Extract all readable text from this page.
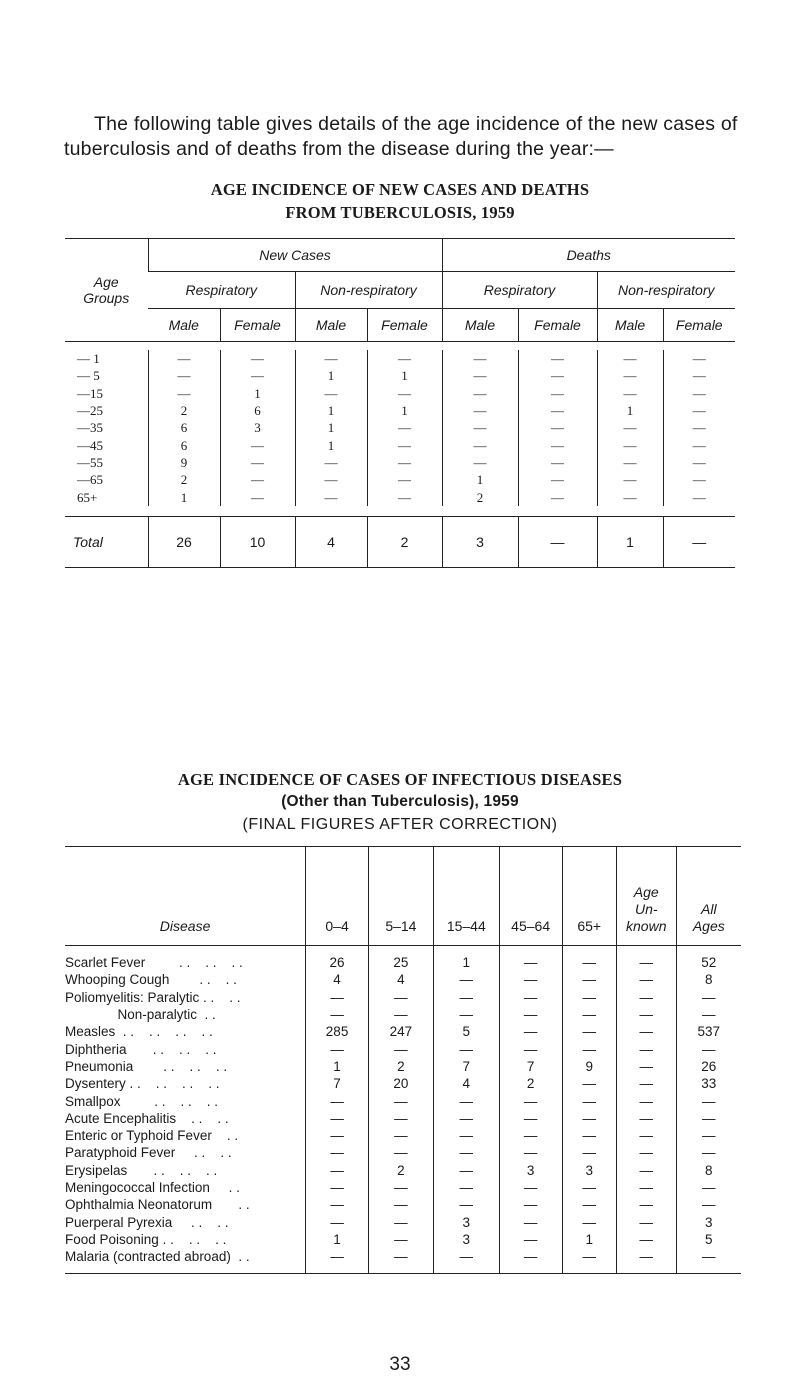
The following table gives details of the age incidence of the new cases of tuberculosis and of deaths from the disease during the year:—

AGE INCIDENCE OF NEW CASES AND DEATHS
FROM TUBERCULOSIS, 1959
Age
Groups	New Cases				Deaths			
	Respiratory		Non-respiratory		Respiratory		Non-respiratory	
	Male	Female	Male	Female	Male	Female	Male	Female

— 1	—	—	—	—	—	—	—	—
— 5	—	—	1	1	—	—	—	—
—15	—	1	—	—	—	—	—	—
—25	2	6	1	1	—	—	1	—
—35	6	3	1	—	—	—	—	—
—45	6	—	1	—	—	—	—	—
—55	9	—	—	—	—	—	—	—
—65	2	—	—	—	1	—	—	—
65+	1	—	—	—	2	—	—	—

Total	26	10	4	2	3	—	1	—
AGE INCIDENCE OF CASES OF INFECTIOUS DISEASES
(Other than Tuberculosis), 1959
(FINAL FIGURES AFTER CORRECTION)
Disease	0–4	5–14	15–44	45–64	65+	Age
Un-
known	All
Ages

Scarlet Fever         . .    . .    . .	26	25	1	—	—	—	52
Whooping Cough        . .    . .	4	4	—	—	—	—	8
Poliomyelitis: Paralytic . .    . .	—	—	—	—	—	—	—
Non-paralytic  . .	—	—	—	—	—	—	—
Measles  . .    . .    . .    . .	285	247	5	—	—	—	537
Diphtheria       . .    . .    . .	—	—	—	—	—	—	—
Pneumonia        . .    . .    . .	1	2	7	7	9	—	26
Dysentery . .    . .    . .    . .	7	20	4	2	—	—	33
Smallpox         . .    . .    . .	—	—	—	—	—	—	—
Acute Encephalitis    . .    . .	—	—	—	—	—	—	—
Enteric or Typhoid Fever    . .	—	—	—	—	—	—	—
Paratyphoid Fever     . .    . .	—	—	—	—	—	—	—
Erysipelas       . .    . .    . .	—	2	—	3	3	—	8
Meningococcal Infection     . .	—	—	—	—	—	—	—
Ophthalmia Neonatorum       . .	—	—	—	—	—	—	—
Puerperal Pyrexia     . .    . .	—	—	3	—	—	—	3
Food Poisoning . .    . .    . .	1	—	3	—	1	—	5
Malaria (contracted abroad)  . .	—	—	—	—	—	—	—

33
